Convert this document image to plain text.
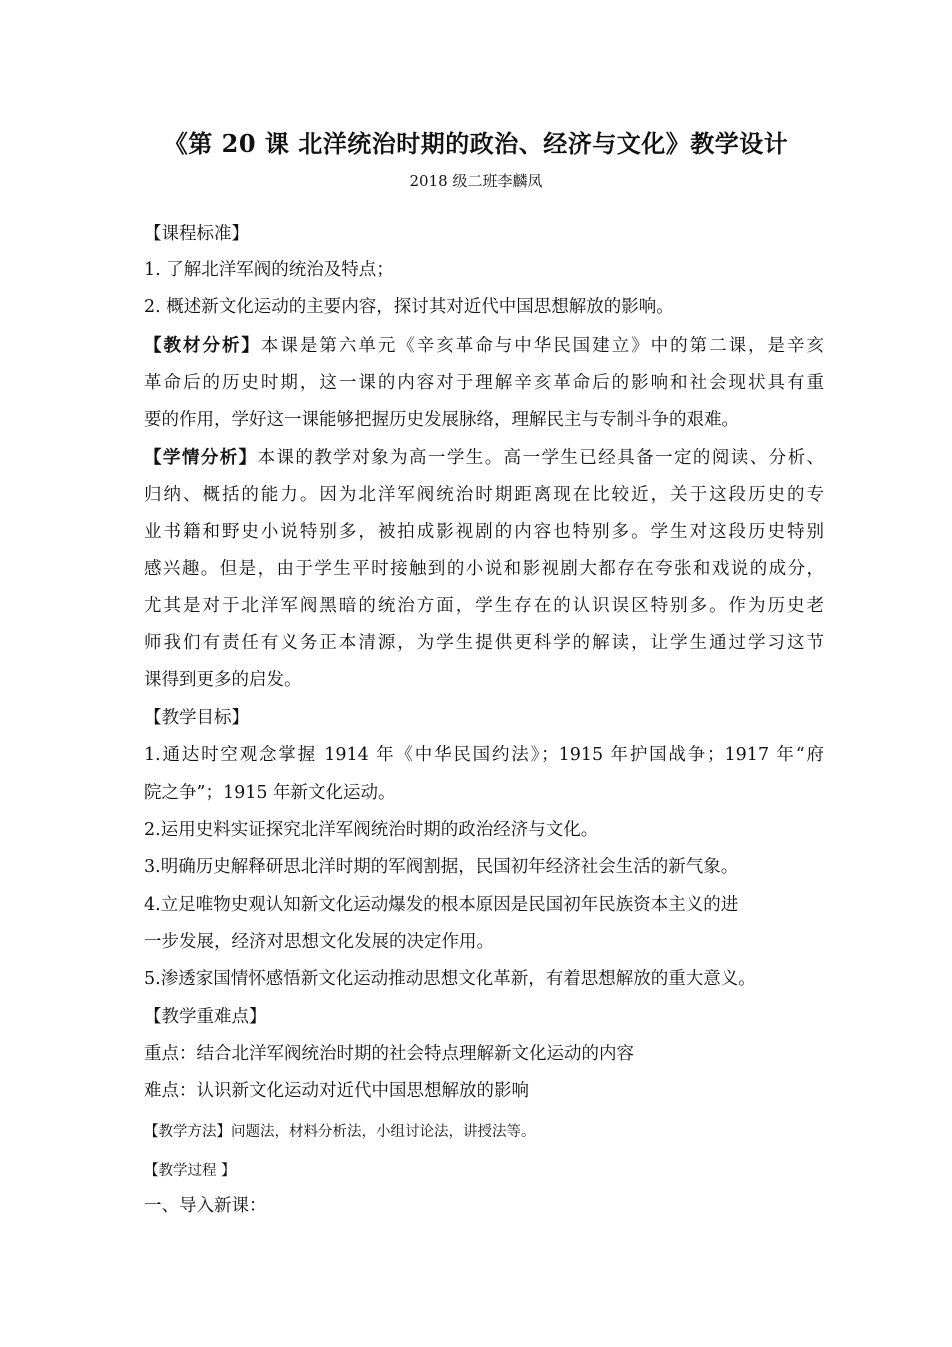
《第 20 课 北洋统治时期的政治、经济与文化》教学设计
2018 级二班李麟凤
【课程标准】
1. 了解北洋军阀的统治及特点；
2. 概述新文化运动的主要内容，探讨其对近代中国思想解放的影响。
【教材分析】本课是第六单元《辛亥革命与中华民国建立》中的第二课，是辛亥
革命后的历史时期，这一课的内容对于理解辛亥革命后的影响和社会现状具有重
要的作用，学好这一课能够把握历史发展脉络，理解民主与专制斗争的艰难。
【学情分析】本课的教学对象为高一学生。高一学生已经具备一定的阅读、分析、
归纳、概括的能力。因为北洋军阀统治时期距离现在比较近，关于这段历史的专
业书籍和野史小说特别多，被拍成影视剧的内容也特别多。学生对这段历史特别
感兴趣。但是，由于学生平时接触到的小说和影视剧大都存在夸张和戏说的成分，
尤其是对于北洋军阀黑暗的统治方面，学生存在的认识误区特别多。作为历史老
师我们有责任有义务正本清源，为学生提供更科学的解读，让学生通过学习这节
课得到更多的启发。
【教学目标】
1.通达时空观念掌握 1914 年《中华民国约法》；1915 年护国战争；1917 年“府
院之争”；1915 年新文化运动。
2.运用史料实证探究北洋军阀统治时期的政治经济与文化。
3.明确历史解释研思北洋时期的军阀割据，民国初年经济社会生活的新气象。
4.立足唯物史观认知新文化运动爆发的根本原因是民国初年民族资本主义的进
一步发展，经济对思想文化发展的决定作用。
5.渗透家国情怀感悟新文化运动推动思想文化革新，有着思想解放的重大意义。
【教学重难点】
重点：结合北洋军阀统治时期的社会特点理解新文化运动的内容
难点：认识新文化运动对近代中国思想解放的影响
【教学方法】问题法，材料分析法，小组讨论法，讲授法等。
【教学过程 】
一、导入新课：
